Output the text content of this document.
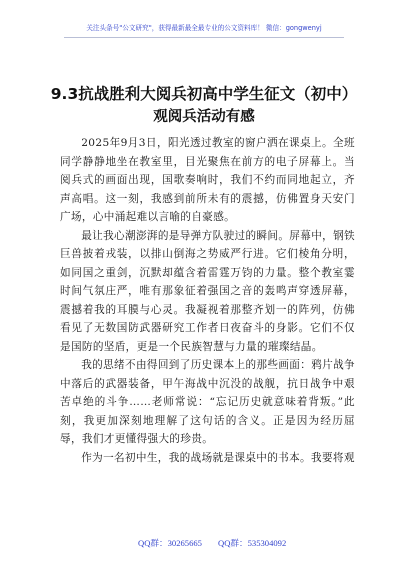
关注头条号"公文研究"，获得最新最全最专业的公文资料库！ 微信：gongwenyj
9.3抗战胜利大阅兵初高中学生征文（初中）
观阅兵活动有感

2025年9月3日，阳光透过教室的窗户洒在课桌上。全班同学静静地坐在教室里，目光聚焦在前方的电子屏幕上。当阅兵式的画面出现，国歌奏响时，我们不约而同地起立，齐声高唱。这一刻，我感到前所未有的震撼，仿佛置身天安门广场，心中涌起难以言喻的自豪感。

最让我心潮澎湃的是导弹方队驶过的瞬间。屏幕中，钢铁巨兽披着戎装，以排山倒海之势威严行进。它们棱角分明，如同国之重剑，沉默却蕴含着雷霆万钧的力量。整个教室霎时间气氛庄严，唯有那象征着强国之音的轰鸣声穿透屏幕，震撼着我的耳膜与心灵。我凝视着那整齐划一的阵列，仿佛看见了无数国防武器研究工作者日夜奋斗的身影。它们不仅是国防的坚盾，更是一个民族智慧与力量的璀璨结晶。

我的思绪不由得回到了历史课本上的那些画面：鸦片战争中落后的武器装备，甲午海战中沉没的战舰，抗日战争中艰苦卓绝的斗争……老师常说：“忘记历史就意味着背叛。”此刻，我更加深刻地理解了这句话的含义。正是因为经历屈辱，我们才更懂得强大的珍贵。

作为一名初中生，我的战场就是课桌中的书本。我要将观

QQ群：30265665 QQ群：535304092
